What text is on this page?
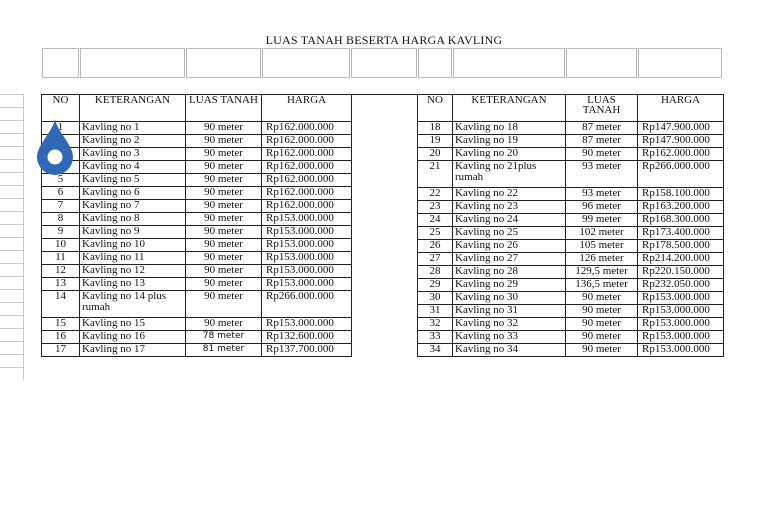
LUAS TANAH BESERTA HARGA KAVLING
NO	KETERANGAN	LUAS TANAH	HARGA
1	Kavling no 1	90 meter	Rp162.000.000
	Kavling no 2	90 meter	Rp162.000.000
	Kavling no 3	90 meter	Rp162.000.000
	Kavling no 4	90 meter	Rp162.000.000
5	Kavling no 5	90 meter	Rp162.000.000
6	Kavling no 6	90 meter	Rp162.000.000
7	Kavling no 7	90 meter	Rp162.000.000
8	Kavling no 8	90 meter	Rp153.000.000
9	Kavling no 9	90 meter	Rp153.000.000
10	Kavling no 10	90 meter	Rp153.000.000
11	Kavling no 11	90 meter	Rp153.000.000
12	Kavling no 12	90 meter	Rp153.000.000
13	Kavling no 13	90 meter	Rp153.000.000
14	Kavling no 14 plus rumah	90 meter	Rp266.000.000
15	Kavling no 15	90 meter	Rp153.000.000
16	Kavling no 16	78 meter	Rp132.600.000
17	Kavling no 17	81 meter	Rp137.700.000
NO	KETERANGAN	LUAS TANAH	HARGA
18	Kavling no 18	87 meter	Rp147.900.000
19	Kavling no 19	87 meter	Rp147.900.000
20	Kavling no 20	90 meter	Rp162.000.000
21	Kavling no 21plus rumah	93 meter	Rp266.000.000
22	Kavling no 22	93 meter	Rp158.100.000
23	Kavling no 23	96 meter	Rp163.200.000
24	Kavling no 24	99 meter	Rp168.300.000
25	Kavling no 25	102 meter	Rp173.400.000
26	Kavling no 26	105 meter	Rp178.500.000
27	Kavling no 27	126 meter	Rp214.200.000
28	Kavling no 28	129,5 meter	Rp220.150.000
29	Kavling no 29	136,5 meter	Rp232.050.000
30	Kavling no 30	90 meter	Rp153.000.000
31	Kavling no 31	90 meter	Rp153.000.000
32	Kavling no 32	90 meter	Rp153.000.000
33	Kavling no 33	90 meter	Rp153.000.000
34	Kavling no 34	90 meter	Rp153.000.000
